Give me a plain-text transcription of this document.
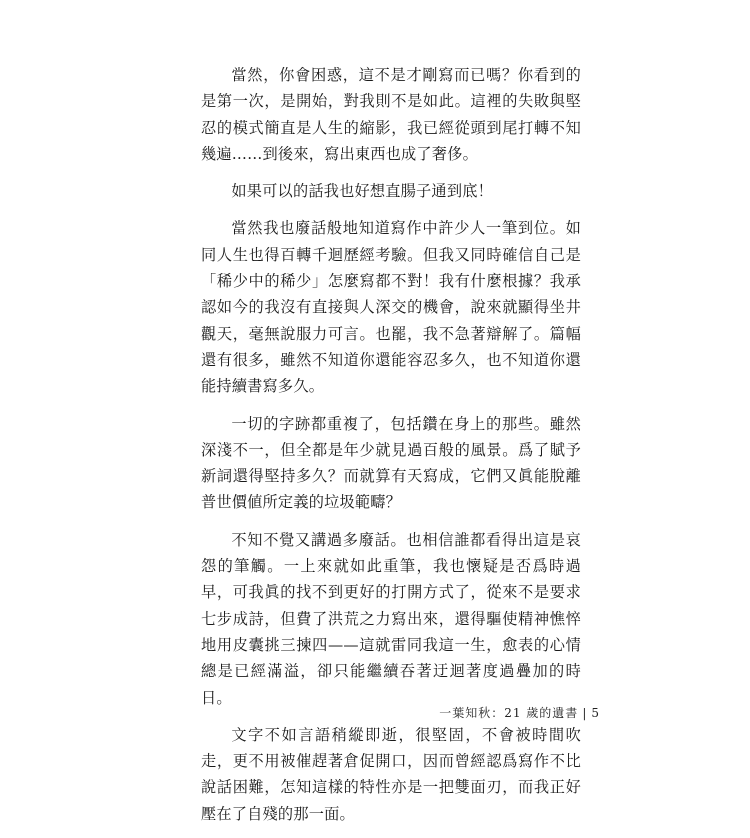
當然，你會困惑，這不是才剛寫而已嗎？你看到的是第一次，是開始，對我則不是如此。這裡的失敗與堅忍的模式簡直是人生的縮影，我已經從頭到尾打轉不知幾遍……到後來，寫出東西也成了奢侈。

如果可以的話我也好想直腸子通到底！

當然我也廢話般地知道寫作中許少人一筆到位。如同人生也得百轉千迴歷經考驗。但我又同時確信自己是「稀少中的稀少」怎麼寫都不對！我有什麼根據？我承認如今的我沒有直接與人深交的機會，說來就顯得坐井觀天，毫無說服力可言。也罷，我不急著辯解了。篇幅還有很多，雖然不知道你還能容忍多久，也不知道你還能持續書寫多久。

一切的字跡都重複了，包括鑽在身上的那些。雖然深淺不一，但全都是年少就見過百般的風景。爲了賦予新詞還得堅持多久？而就算有天寫成，它們又眞能脫離普世價値所定義的垃圾範疇？

不知不覺又講過多廢話。也相信誰都看得出這是哀怨的筆觸。一上來就如此重筆，我也懷疑是否爲時過早，可我眞的找不到更好的打開方式了，從來不是要求七步成詩，但費了洪荒之力寫出來，還得驅使精神憔悴地用皮囊挑三揀四——這就雷同我這一生，愈表的心情總是已經滿溢，卻只能繼續吞著迂迴著度過疊加的時日。

文字不如言語稍縱即逝，很堅固，不會被時間吹走，更不用被催趕著倉促開口，因而曾經認爲寫作不比說話困難，怎知這樣的特性亦是一把雙面刃，而我正好壓在了自殘的那一面。

一葉知秋：21 歲的遺書 | 5
